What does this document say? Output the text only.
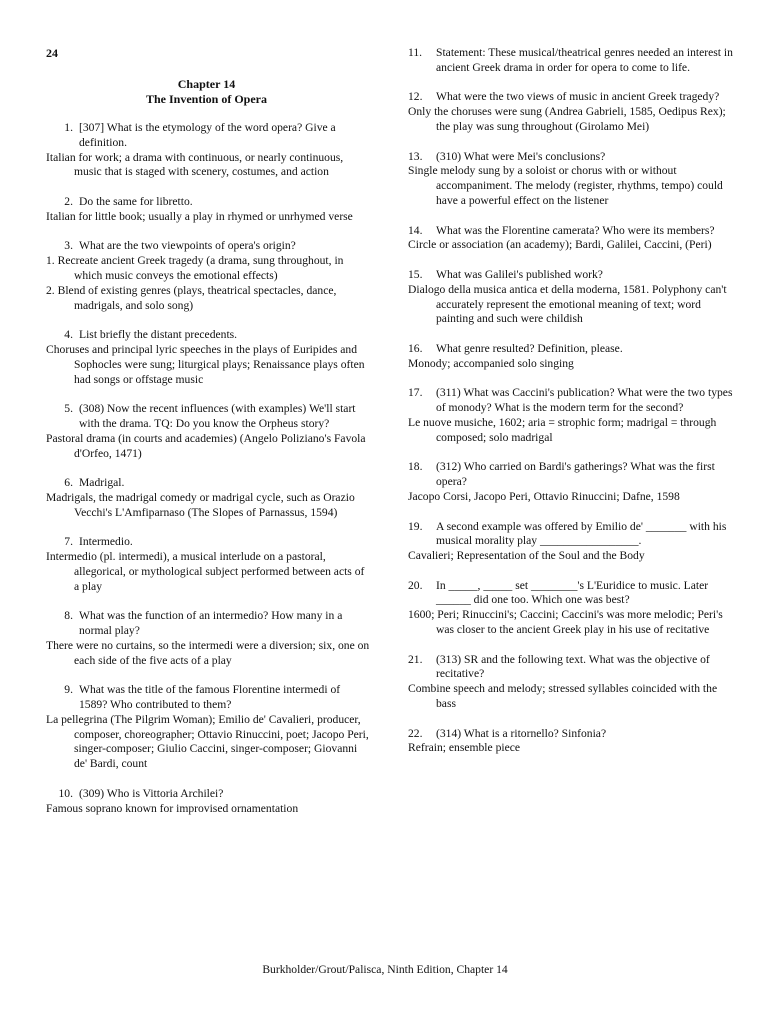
24
Chapter 14
The Invention of Opera
1. [307] What is the etymology of the word opera? Give a definition.
Italian for work; a drama with continuous, or nearly continuous, music that is staged with scenery, costumes, and action
2. Do the same for libretto.
Italian for little book; usually a play in rhymed or unrhymed verse
3. What are the two viewpoints of opera's origin?
1. Recreate ancient Greek tragedy (a drama, sung throughout, in which music conveys the emotional effects)
2. Blend of existing genres (plays, theatrical spectacles, dance, madrigals, and solo song)
4. List briefly the distant precedents.
Choruses and principal lyric speeches in the plays of Euripides and Sophocles were sung; liturgical plays; Renaissance plays often had songs or offstage music
5. (308) Now the recent influences (with examples) We'll start with the drama. TQ: Do you know the Orpheus story?
Pastoral drama (in courts and academies) (Angelo Poliziano's Favola d'Orfeo, 1471)
6. Madrigal.
Madrigals, the madrigal comedy or madrigal cycle, such as Orazio Vecchi's L'Amfiparnaso (The Slopes of Parnassus, 1594)
7. Intermedio.
Intermedio (pl. intermedi), a musical interlude on a pastoral, allegorical, or mythological subject performed between acts of a play
8. What was the function of an intermedio? How many in a normal play?
There were no curtains, so the intermedi were a diversion; six, one on each side of the five acts of a play
9. What was the title of the famous Florentine intermedi of 1589? Who contributed to them?
La pellegrina (The Pilgrim Woman); Emilio de' Cavalieri, producer, composer, choreographer; Ottavio Rinuccini, poet; Jacopo Peri, singer-composer; Giulio Caccini, singer-composer; Giovanni de' Bardi, count
10. (309) Who is Vittoria Archilei?
Famous soprano known for improvised ornamentation
11.	Statement: These musical/theatrical genres needed an interest in ancient Greek drama in order for opera to come to life.
12.	What were the two views of music in ancient Greek tragedy?
Only the choruses were sung (Andrea Gabrieli, 1585, Oedipus Rex); the play was sung throughout (Girolamo Mei)
13.	(310) What were Mei's conclusions?
Single melody sung by a soloist or chorus with or without accompaniment. The melody (register, rhythms, tempo) could have a powerful effect on the listener
14.	What was the Florentine camerata? Who were its members?
Circle or association (an academy); Bardi, Galilei, Caccini, (Peri)
15.	What was Galilei's published work?
Dialogo della musica antica et della moderna, 1581. Polyphony can't accurately represent the emotional meaning of text; word painting and such were childish
16.	What genre resulted? Definition, please.
Monody; accompanied solo singing
17.	(311) What was Caccini's publication? What were the two types of monody? What is the modern term for the second?
Le nuove musiche, 1602; aria = strophic form; madrigal = through composed; solo madrigal
18.	(312) Who carried on Bardi's gatherings? What was the first opera?
Jacopo Corsi, Jacopo Peri, Ottavio Rinuccini; Dafne, 1598
19.	A second example was offered by Emilio de' _______ with his musical morality play _________________.
Cavalieri; Representation of the Soul and the Body
20.	In _____, _____ set ________'s L'Euridice to music. Later ______ did one too. Which one was best?
1600; Peri; Rinuccini's; Caccini; Caccini's was more melodic; Peri's was closer to the ancient Greek play in his use of recitative
21.	(313) SR and the following text. What was the objective of recitative?
Combine speech and melody; stressed syllables coincided with the bass
22.	(314) What is a ritornello? Sinfonia?
Refrain; ensemble piece
Burkholder/Grout/Palisca, Ninth Edition, Chapter 14
